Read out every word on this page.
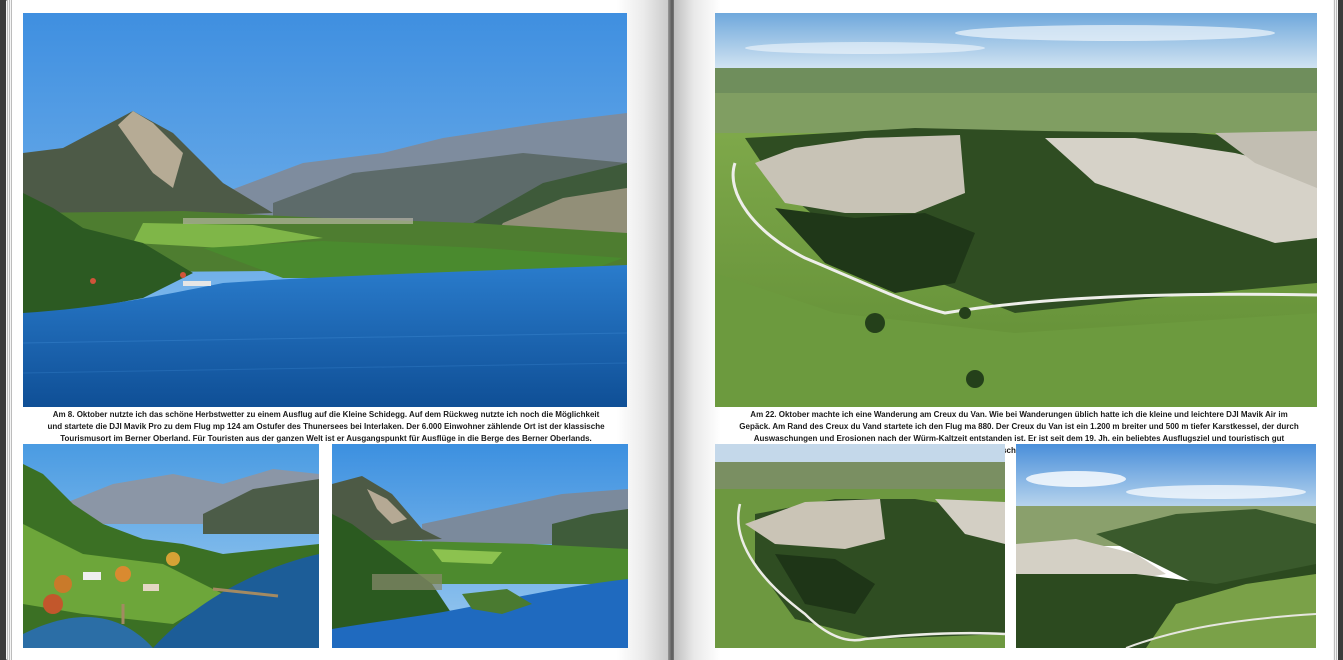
Am 8. Oktober nutzte ich das schöne Herbstwetter zu einem Ausflug auf die Kleine Schidegg. Auf dem Rückweg nutzte ich noch die Möglichkeit und startete die DJI Mavik Pro zu dem Flug mp 124 am Ostufer des Thunersees bei Interlaken. Der 6.000 Einwohner zählende Ort ist der klassische Tourismusort im Berner Oberland. Für Touristen aus der ganzen Welt ist er Ausgangspunkt für Ausflüge in die Berge des Berner Oberlands.

Am 22. Oktober machte ich eine Wanderung am Creux du Van. Wie bei Wanderungen üblich hatte ich die kleine und leichtere DJI Mavik Air im Gepäck. Am Rand des Creux du Vand startete ich den Flug ma 880. Der Creux du Van ist ein 1.200 m breiter und 500 m tiefer Karstkessel, der durch Auswaschungen und Erosionen nach der Würm-Kaltzeit entstanden ist. Er ist seit dem 19. Jh. ein beliebtes Ausflugsziel und touristisch gut
